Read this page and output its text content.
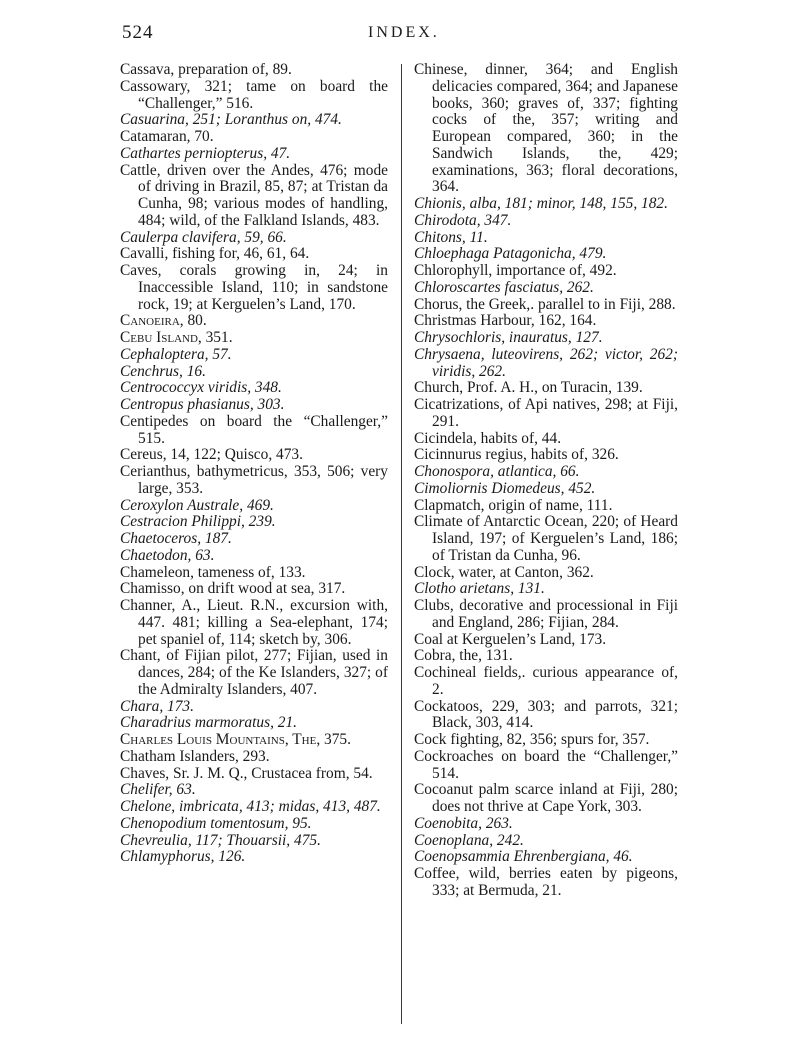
524	INDEX.

Cassava, preparation of, 89.

Cassowary, 321; tame on board the “Challenger,” 516.

Casuarina, 251; Loranthus on, 474.

Catamaran, 70.

Cathartes perniopterus, 47.

Cattle, driven over the Andes, 476; mode of driving in Brazil, 85, 87; at Tristan da Cunha, 98; various modes of handling, 484; wild, of the Falkland Islands, 483.

Caulerpa clavifera, 59, 66.

Cavalli, fishing for, 46, 61, 64.

Caves, corals growing in, 24; in Inaccessible Island, 110; in sandstone rock, 19; at Kerguelen’s Land, 170.

Canoeira, 80.

Cebu Island, 351.

Cephaloptera, 57.

Cenchrus, 16.

Centrococcyx viridis, 348.

Centropus phasianus, 303.

Centipedes on board the “Challenger,” 515.

Cereus, 14, 122; Quisco, 473.

Cerianthus, bathymetricus, 353, 506; very large, 353.

Ceroxylon Australe, 469.

Cestracion Philippi, 239.

Chaetoceros, 187.

Chaetodon, 63.

Chameleon, tameness of, 133.

Chamisso, on drift wood at sea, 317.

Channer, A., Lieut. R.N., excursion with, 447. 481; killing a Sea-elephant, 174; pet spaniel of, 114; sketch by, 306.

Chant, of Fijian pilot, 277; Fijian, used in dances, 284; of the Ke Islanders, 327; of the Admiralty Islanders, 407.

Chara, 173.

Charadrius marmoratus, 21.

Charles Louis Mountains, The, 375.

Chatham Islanders, 293.

Chaves, Sr. J. M. Q., Crustacea from, 54.

Chelifer, 63.

Chelone, imbricata, 413; midas, 413, 487.

Chenopodium tomentosum, 95.

Chevreulia, 117; Thouarsii, 475.

Chlamyphorus, 126.

Chinese, dinner, 364; and English delicacies compared, 364; and Japanese books, 360; graves of, 337; fighting cocks of the, 357; writing and European compared, 360; in the Sandwich Islands, the, 429; examinations, 363; floral decorations, 364.

Chionis, alba, 181; minor, 148, 155, 182.

Chirodota, 347.

Chitons, 11.

Chloephaga Patagonicha, 479.

Chlorophyll, importance of, 492.

Chloroscartes fasciatus, 262.

Chorus, the Greek,. parallel to in Fiji, 288.

Christmas Harbour, 162, 164.

Chrysochloris, inauratus, 127.

Chrysaena, luteovirens, 262; victor, 262; viridis, 262.

Church, Prof. A. H., on Turacin, 139.

Cicatrizations, of Api natives, 298; at Fiji, 291.

Cicindela, habits of, 44.

Cicinnurus regius, habits of, 326.

Chonospora, atlantica, 66.

Cimoliornis Diomedeus, 452.

Clapmatch, origin of name, 111.

Climate of Antarctic Ocean, 220; of Heard Island, 197; of Kerguelen’s Land, 186; of Tristan da Cunha, 96.

Clock, water, at Canton, 362.

Clotho arietans, 131.

Clubs, decorative and processional in Fiji and England, 286; Fijian, 284.

Coal at Kerguelen’s Land, 173.

Cobra, the, 131.

Cochineal fields,. curious appearance of, 2.

Cockatoos, 229, 303; and parrots, 321; Black, 303, 414.

Cock fighting, 82, 356; spurs for, 357.

Cockroaches on board the “Challenger,” 514.

Cocoanut palm scarce inland at Fiji, 280; does not thrive at Cape York, 303.

Coenobita, 263.

Coenoplana, 242.

Coenopsammia Ehrenbergiana, 46.

Coffee, wild, berries eaten by pigeons, 333; at Bermuda, 21.
